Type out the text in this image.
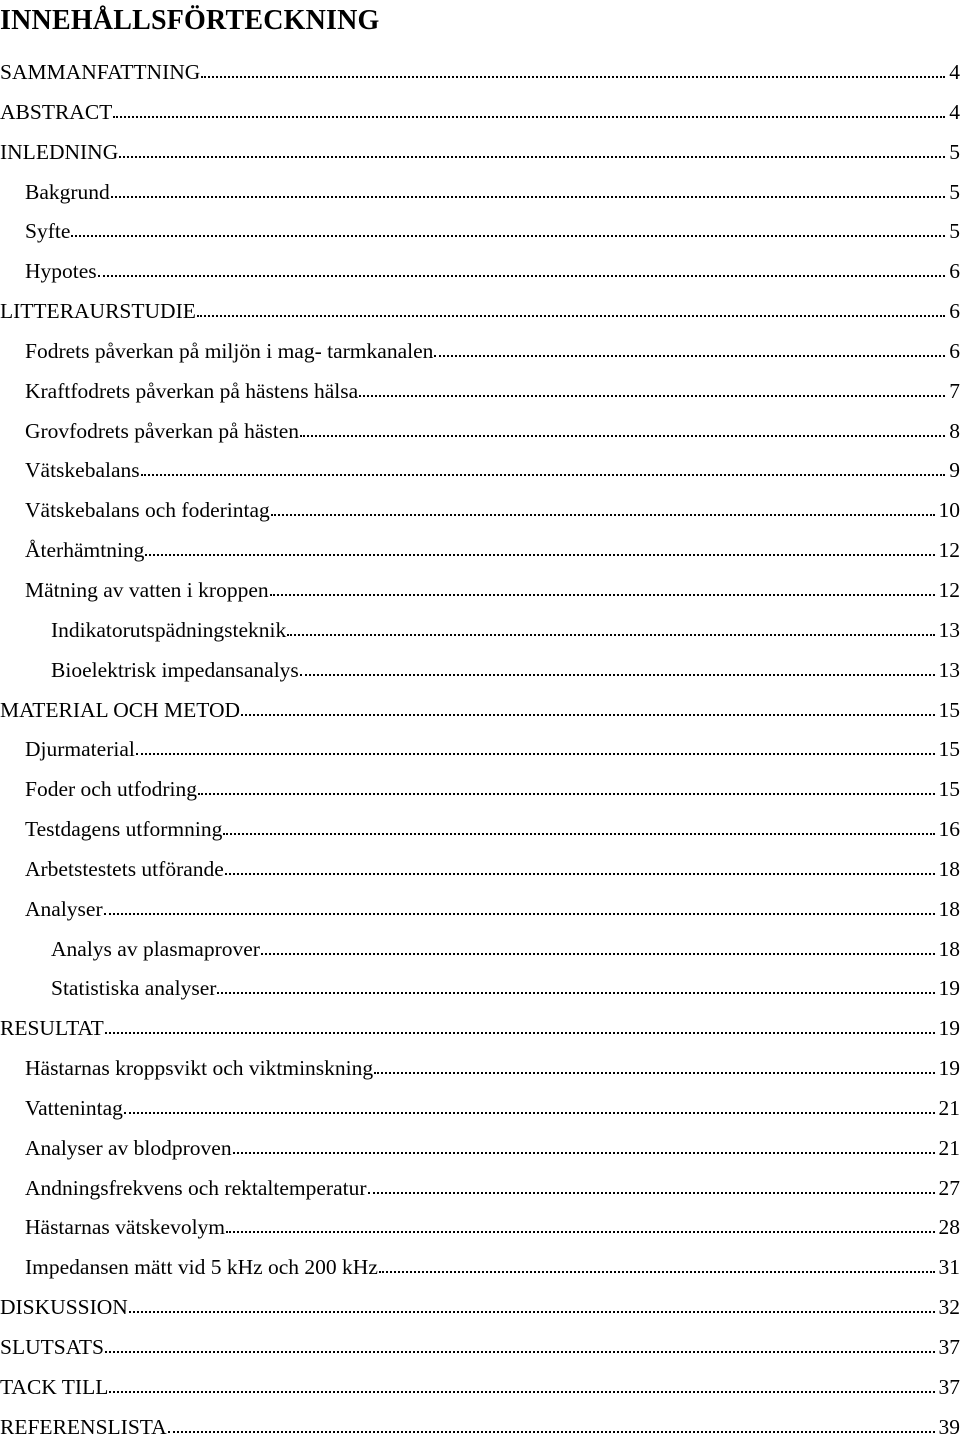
INNEHÅLLSFÖRTECKNING
SAMMANFATTNING	4
ABSTRACT	4
INLEDNING	5
Bakgrund	5
Syfte	5
Hypotes	6
LITTERAURSTUDIE	6
Fodrets påverkan på miljön i mag- tarmkanalen	6
Kraftfodrets påverkan på hästens hälsa	7
Grovfodrets påverkan på hästen	8
Vätskebalans	9
Vätskebalans och foderintag	10
Återhämtning	12
Mätning av vatten i kroppen	12
Indikatorutspädningsteknik	13
Bioelektrisk impedansanalys	13
MATERIAL OCH METOD	15
Djurmaterial	15
Foder och utfodring	15
Testdagens utformning	16
Arbetstestets utförande	18
Analyser	18
Analys av plasmaprover	18
Statistiska analyser	19
RESULTAT	19
Hästarnas kroppsvikt och viktminskning	19
Vattenintag	21
Analyser av blodproven	21
Andningsfrekvens och rektaltemperatur	27
Hästarnas vätskevolym	28
Impedansen mätt vid 5 kHz och 200 kHz	31
DISKUSSION	32
SLUTSATS	37
TACK TILL	37
REFERENSLISTA	39
